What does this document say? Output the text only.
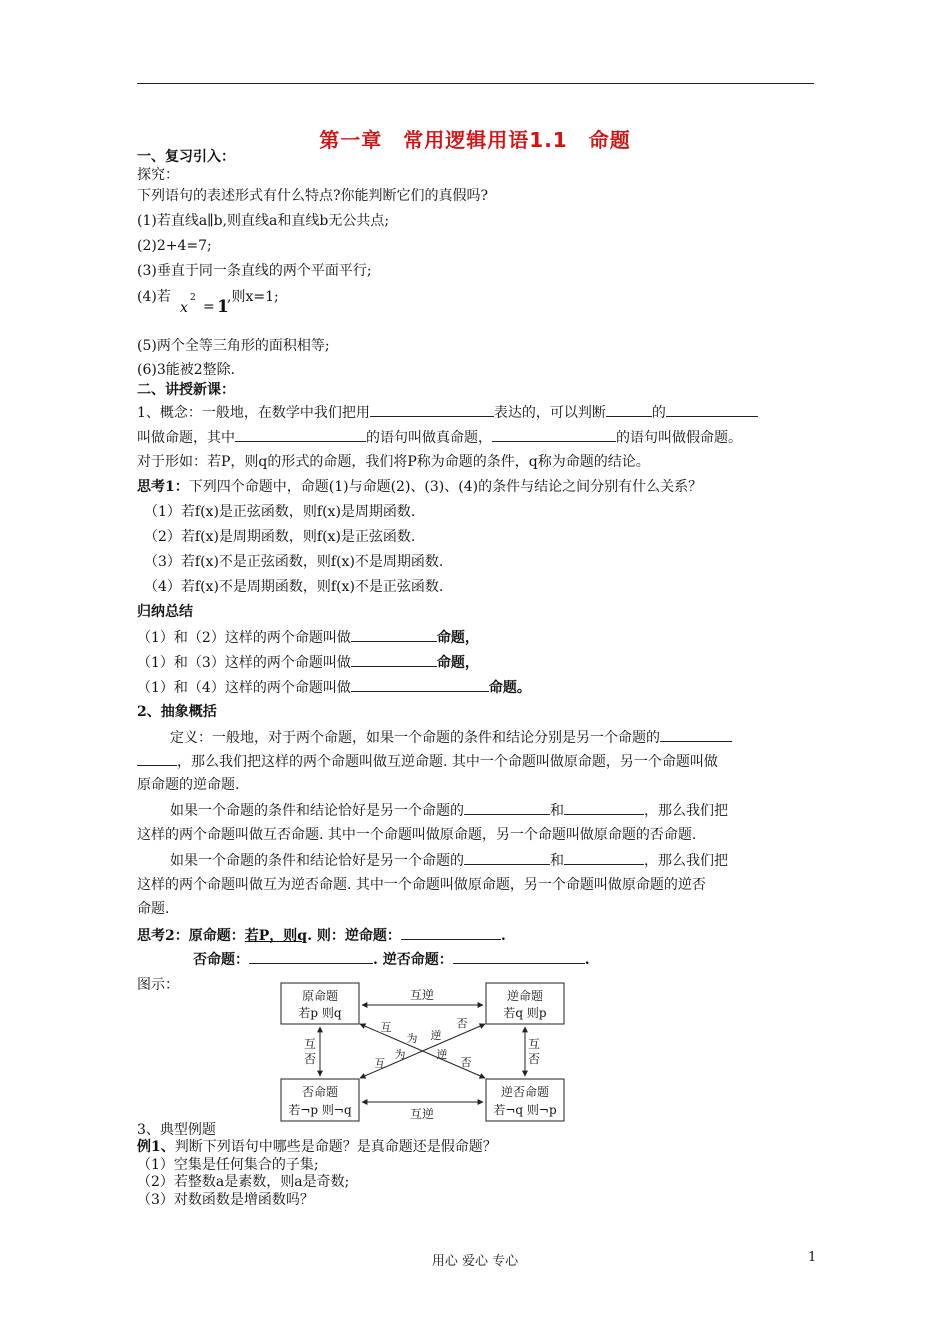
第一章　常用逻辑用语1.1　命题
一、复习引入：
探究：
下列语句的表述形式有什么特点?你能判断它们的真假吗?
(1)若直线a∥b,则直线a和直线b无公共点;
(2)2+4=7;
(3)垂直于同一条直线的两个平面平行;
(4)若
x
2
= 1
,则x=1;
(5)两个全等三角形的面积相等;
(6)3能被2整除.
二、讲授新课：
1、概念：一般地，在数学中我们把用	表达的，可以判断	的
叫做命题，其中	的语句叫做真命题，	的语句叫做假命题。
对于形如：若P，则q的形式的命题，我们将P称为命题的条件，q称为命题的结论。
思考1：下列四个命题中，命题(1)与命题(2)、(3)、(4)的条件与结论之间分别有什么关系？
（1）若f(x)是正弦函数，则f(x)是周期函数.
（2）若f(x)是周期函数，则f(x)是正弦函数.
（3）若f(x)不是正弦函数，则f(x)不是周期函数.
（4）若f(x)不是周期函数，则f(x)不是正弦函数.
归纳总结
（1）和（2）这样的两个命题叫做	命题，
（1）和（3）这样的两个命题叫做	命题，
（1）和（4）这样的两个命题叫做	命题。
2、抽象概括
定义：一般地，对于两个命题，如果一个命题的条件和结论分别是另一个命题的
，那么我们把这样的两个命题叫做互逆命题. 其中一个命题叫做原命题，另一个命题叫做
原命题的逆命题.
如果一个命题的条件和结论恰好是另一个命题的	和	，那么我们把
这样的两个命题叫做互否命题. 其中一个命题叫做原命题，另一个命题叫做原命题的否命题.
如果一个命题的条件和结论恰好是另一个命题的	和	，那么我们把
这样的两个命题叫做互为逆否命题. 其中一个命题叫做原命题，另一个命题叫做原命题的逆否
命题.
思考2：原命题：若P，则q. 则：逆命题：	.
否命题：	. 逆否命题：	.
图示：
原命题
若p 则q
逆命题
若q 则p
否命题
若¬p 则¬q
逆否命题
若¬q 则¬p
互逆
互逆
互
否
互
否
互
为 逆
否
互
为	逆
否
3、典型例题
例1、判断下列语句中哪些是命题？是真命题还是假命题？
（1）空集是任何集合的子集;
（2）若整数a是素数，则a是奇数;
（3）对数函数是增函数吗？
用心 爱心 专心	1
